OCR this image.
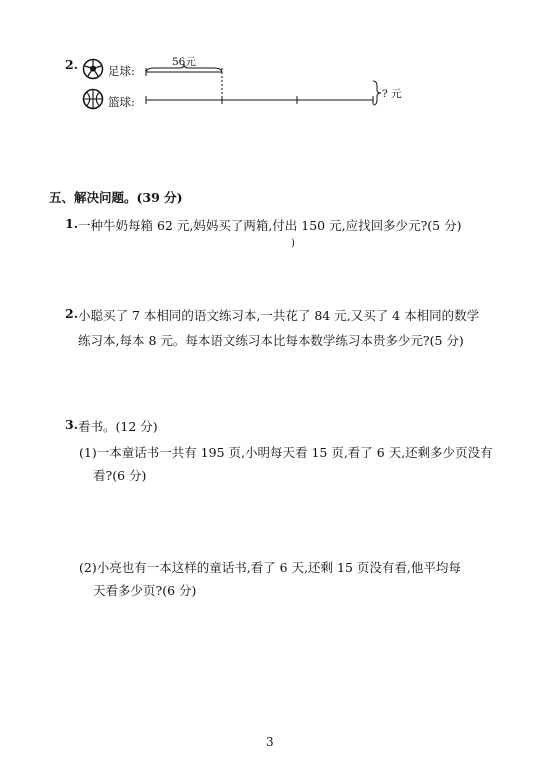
2.	足球:
56元
篮球:
? 元
五、解决问题。(39 分)
1. 一种牛奶每箱 62 元,妈妈买了两箱,付出 150 元,应找回多少元?(5 分)
)
2. 小聪买了 7 本相同的语文练习本,一共花了 84 元,又买了 4 本相同的数学
练习本,每本 8 元。每本语文练习本比每本数学练习本贵多少元?(5 分)
3. 看书。(12 分)
(1)一本童话书一共有 195 页,小明每天看 15 页,看了 6 天,还剩多少页没有
看?(6 分)
(2)小亮也有一本这样的童话书,看了 6 天,还剩 15 页没有看,他平均每
天看多少页?(6 分)
3
